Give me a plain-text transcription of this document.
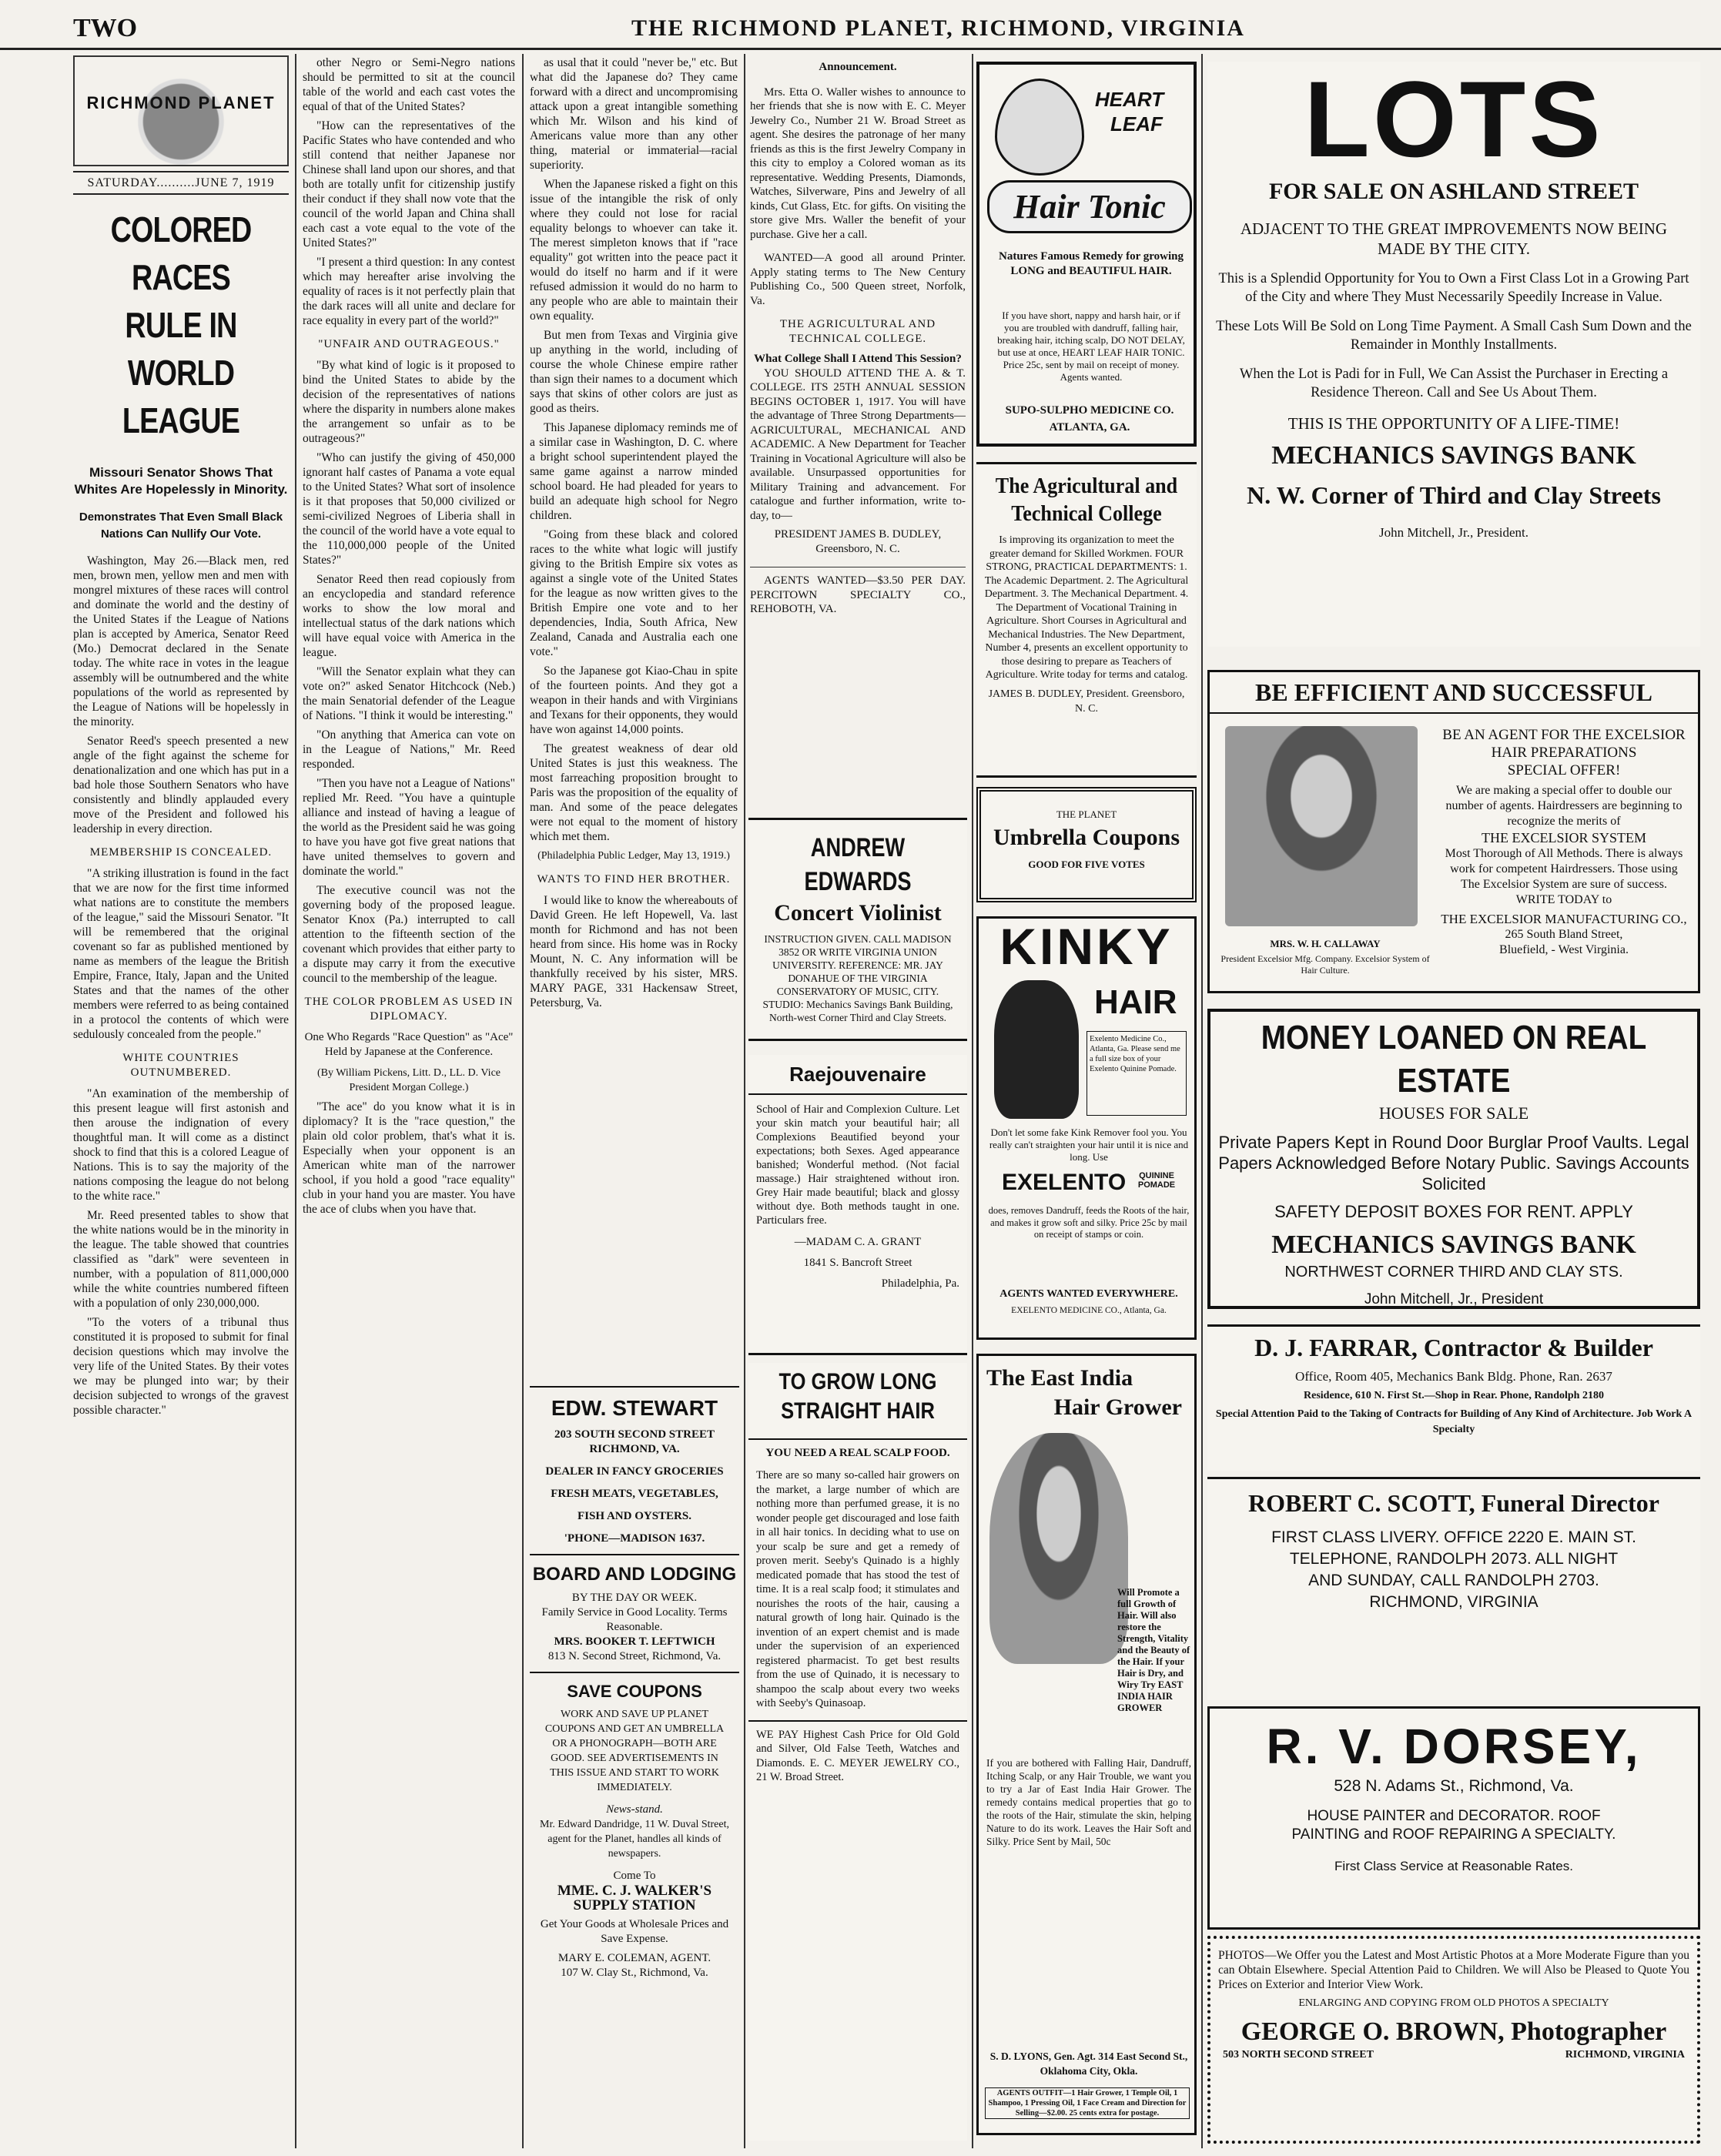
TWO	THE RICHMOND PLANET, RICHMOND, VIRGINIA
RICHMOND PLANET
SATURDAY..........JUNE 7, 1919
COLORED RACES RULE IN WORLD LEAGUE
Missouri Senator Shows That Whites Are Hopelessly in Minority.
Demonstrates That Even Small Black Nations Can Nullify Our Vote.

Washington, May 26.—Black men, red men, brown men, yellow men and men with mongrel mixtures of these races will control and dominate the world and the destiny of the United States if the League of Nations plan is accepted by America, Senator Reed (Mo.) Democrat declared in the Senate today. The white race in votes in the league assembly will be outnumbered and the white populations of the world as represented by the League of Nations will be hopelessly in the minority.

Senator Reed's speech presented a new angle of the fight against the scheme for denationalization and one which has put in a bad hole those Southern Senators who have consistently and blindly applauded every move of the President and followed his leadership in every direction.

MEMBERSHIP IS CONCEALED.

"A striking illustration is found in the fact that we are now for the first time informed what nations are to constitute the members of the league," said the Missouri Senator. "It will be remembered that the original covenant so far as published mentioned by name as members of the league the British Empire, France, Italy, Japan and the United States and that the names of the other members were referred to as being contained in a protocol the contents of which were sedulously concealed from the people."

WHITE COUNTRIES OUTNUMBERED.

"An examination of the membership of this present league will first astonish and then arouse the indignation of every thoughtful man. It will come as a distinct shock to find that this is a colored League of Nations. This is to say the majority of the nations composing the league do not belong to the white race."

Mr. Reed presented tables to show that the white nations would be in the minority in the league. The table showed that countries classified as "dark" were seventeen in number, with a population of 811,000,000 while the white countries numbered fifteen with a population of only 230,000,000.

"To the voters of a tribunal thus constituted it is proposed to submit for final decision questions which may involve the very life of the United States. By their votes we may be plunged into war; by their decision subjected to wrongs of the gravest possible character."

other Negro or Semi-Negro nations should be permitted to sit at the council table of the world and each cast votes the equal of that of the United States?

"How can the representatives of the Pacific States who have contended and who still contend that neither Japanese nor Chinese shall land upon our shores, and that both are totally unfit for citizenship justify their conduct if they shall now vote that the council of the world Japan and China shall each cast a vote equal to the vote of the United States?"

"I present a third question: In any contest which may hereafter arise involving the equality of races is it not perfectly plain that the dark races will all unite and declare for race equality in every part of the world?"

"UNFAIR AND OUTRAGEOUS."

"By what kind of logic is it proposed to bind the United States to abide by the decision of the representatives of nations where the disparity in numbers alone makes the arrangement so unfair as to be outrageous?"

"Who can justify the giving of 450,000 ignorant half castes of Panama a vote equal to the United States? What sort of insolence is it that proposes that 50,000 civilized or semi-civilized Negroes of Liberia shall in the council of the world have a vote equal to the 110,000,000 people of the United States?"

Senator Reed then read copiously from an encyclopedia and standard reference works to show the low moral and intellectual status of the dark nations which will have equal voice with America in the league.

"Will the Senator explain what they can vote on?" asked Senator Hitchcock (Neb.) the main Senatorial defender of the League of Nations. "I think it would be interesting."

"On anything that America can vote on in the League of Nations," Mr. Reed responded.

"Then you have not a League of Nations" replied Mr. Reed. "You have a quintuple alliance and instead of having a league of the world as the President said he was going to have you have got five great nations that have united themselves to govern and dominate the world."

The executive council was not the governing body of the proposed league. Senator Knox (Pa.) interrupted to call attention to the fifteenth section of the covenant which provides that either party to a dispute may carry it from the executive council to the membership of the league.

THE COLOR PROBLEM AS USED IN DIPLOMACY.
One Who Regards "Race Question" as "Ace" Held by Japanese at the Conference.
(By William Pickens, Litt. D., LL. D. Vice President Morgan College.)

"The ace" do you know what it is in diplomacy? It is the "race question," the plain old color problem, that's what it is. Especially when your opponent is an American white man of the narrower school, if you hold a good "race equality" club in your hand you are master. You have the ace of clubs when you have that.

as usal that it could "never be," etc. But what did the Japanese do? They came forward with a direct and uncompromising attack upon a great intangible something which Mr. Wilson and his kind of Americans value more than any other thing, material or immaterial—racial superiority.

When the Japanese risked a fight on this issue of the intangible the risk of only where they could not lose for racial equality belongs to whoever can take it. The merest simpleton knows that if "race equality" got written into the peace pact it would do itself no harm and if it were refused admission it would do no harm to any people who are able to maintain their own equality.

But men from Texas and Virginia give up anything in the world, including of course the whole Chinese empire rather than sign their names to a document which says that skins of other colors are just as good as theirs.

This Japanese diplomacy reminds me of a similar case in Washington, D. C. where a bright school superintendent played the same game against a narrow minded school board. He had pleaded for years to build an adequate high school for Negro children.

"Going from these black and colored races to the white what logic will justify giving to the British Empire six votes as against a single vote of the United States for the league as now written gives to the British Empire one vote and to her dependencies, India, South Africa, New Zealand, Canada and Australia each one vote."

So the Japanese got Kiao-Chau in spite of the fourteen points. And they got a weapon in their hands and with Virginians and Texans for their opponents, they would have won against 14,000 points.

The greatest weakness of dear old United States is just this weakness. The most farreaching proposition brought to Paris was the proposition of the equality of man. And some of the peace delegates were not equal to the moment of history which met them.

(Philadelphia Public Ledger, May 13, 1919.)
WANTS TO FIND HER BROTHER.

I would like to know the whereabouts of David Green. He left Hopewell, Va. last month for Richmond and has not been heard from since. His home was in Rocky Mount, N. C. Any information will be thankfully received by his sister, MRS. MARY PAGE, 331 Hackensaw Street, Petersburg, Va.

EDW. STEWART
203 SOUTH SECOND STREET
RICHMOND, VA.
DEALER IN FANCY GROCERIES
FRESH MEATS, VEGETABLES,
FISH AND OYSTERS.
'PHONE—MADISON 1637.
BOARD AND LODGING
BY THE DAY OR WEEK.
Family Service in Good Locality. Terms Reasonable.
MRS. BOOKER T. LEFTWICH
813 N. Second Street, Richmond, Va.
SAVE COUPONS
WORK AND SAVE UP PLANET COUPONS AND GET AN UMBRELLA OR A PHONOGRAPH—BOTH ARE GOOD. SEE ADVERTISEMENTS IN THIS ISSUE AND START TO WORK IMMEDIATELY.
News-stand.
Mr. Edward Dandridge, 11 W. Duval Street, agent for the Planet, handles all kinds of newspapers.
Come To
MME. C. J. WALKER'S SUPPLY STATION
Get Your Goods at Wholesale Prices and Save Expense.
MARY E. COLEMAN, AGENT.
107 W. Clay St., Richmond, Va.
Announcement.

Mrs. Etta O. Waller wishes to announce to her friends that she is now with E. C. Meyer Jewelry Co., Number 21 W. Broad Street as agent. She desires the patronage of her many friends as this is the first Jewelry Company in this city to employ a Colored woman as its representative. Wedding Presents, Diamonds, Watches, Silverware, Pins and Jewelry of all kinds, Cut Glass, Etc. for gifts. On visiting the store give Mrs. Waller the benefit of your purchase. Give her a call.

WANTED—A good all around Printer. Apply stating terms to The New Century Publishing Co., 500 Queen street, Norfolk, Va.

THE AGRICULTURAL AND TECHNICAL COLLEGE.
What College Shall I Attend This Session?

YOU SHOULD ATTEND THE A. & T. COLLEGE. ITS 25TH ANNUAL SESSION BEGINS OCTOBER 1, 1917. You will have the advantage of Three Strong Departments—AGRICULTURAL, MECHANICAL AND ACADEMIC. A New Department for Teacher Training in Vocational Agriculture will also be available. Unsurpassed opportunities for Military Training and advancement. For catalogue and further information, write to-day, to—

PRESIDENT JAMES B. DUDLEY, Greensboro, N. C.

AGENTS WANTED—$3.50 PER DAY. PERCITOWN SPECIALTY CO., REHOBOTH, VA.

ANDREW EDWARDS
Concert Violinist
INSTRUCTION GIVEN. CALL MADISON 3852 OR WRITE VIRGINIA UNION UNIVERSITY. REFERENCE: MR. JAY DONAHUE OF THE VIRGINIA CONSERVATORY OF MUSIC, CITY. STUDIO: Mechanics Savings Bank Building, North-west Corner Third and Clay Streets.
Raejouvenaire
School of Hair and Complexion Culture. Let your skin match your beautiful hair; all Complexions Beautified beyond your expectations; both Sexes. Aged appearance banished; Wonderful method. (Not facial massage.) Hair straightened without iron. Grey Hair made beautiful; black and glossy without dye. Both methods taught in one. Particulars free.
—MADAM C. A. GRANT
1841 S. Bancroft Street
Philadelphia, Pa.
TO GROW LONG
STRAIGHT HAIR
YOU NEED A REAL SCALP FOOD.
There are so many so-called hair growers on the market, a large number of which are nothing more than perfumed grease, it is no wonder people get discouraged and lose faith in all hair tonics. In deciding what to use on your scalp be sure and get a remedy of proven merit. Seeby's Quinado is a highly medicated pomade that has stood the test of time. It is a real scalp food; it stimulates and nourishes the roots of the hair, causing a natural growth of long hair. Quinado is the invention of an expert chemist and is made under the supervision of an experienced registered pharmacist. To get best results from the use of Quinado, it is necessary to shampoo the scalp about every two weeks with Seeby's Quinasoap.
WE PAY Highest Cash Price for Old Gold and Silver, Old False Teeth, Watches and Diamonds. E. C. MEYER JEWELRY CO., 21 W. Broad Street.
HEART
LEAF
Hair Tonic
Natures Famous Remedy for growing LONG and BEAUTIFUL HAIR.
If you have short, nappy and harsh hair, or if you are troubled with dandruff, falling hair, breaking hair, itching scalp, DO NOT DELAY, but use at once, HEART LEAF HAIR TONIC. Price 25c, sent by mail on receipt of money. Agents wanted.
SUPO-SULPHO MEDICINE CO.
ATLANTA, GA.
The Agricultural and Technical College
Is improving its organization to meet the greater demand for Skilled Workmen. FOUR STRONG, PRACTICAL DEPARTMENTS: 1. The Academic Department. 2. The Agricultural Department. 3. The Mechanical Department. 4. The Department of Vocational Training in Agriculture. Short Courses in Agricultural and Mechanical Industries. The New Department, Number 4, presents an excellent opportunity to those desiring to prepare as Teachers of Agriculture. Write today for terms and catalog.
JAMES B. DUDLEY, President. Greensboro, N. C.
THE PLANET
Umbrella Coupons
GOOD FOR FIVE VOTES
KINKY
HAIR
Exelento Medicine Co., Atlanta, Ga. Please send me a full size box of your Exelento Quinine Pomade.
Don't let some fake Kink Remover fool you. You really can't straighten your hair until it is nice and long. Use
EXELENTO	QUININE POMADE
does, removes Dandruff, feeds the Roots of the hair, and makes it grow soft and silky. Price 25c by mail on receipt of stamps or coin.
AGENTS WANTED EVERYWHERE.
EXELENTO MEDICINE CO., Atlanta, Ga.
The East India
Hair Grower
Will Promote a full Growth of Hair. Will also restore the Strength, Vitality and the Beauty of the Hair. If your Hair is Dry, and Wiry Try EAST INDIA HAIR GROWER
If you are bothered with Falling Hair, Dandruff, Itching Scalp, or any Hair Trouble, we want you to try a Jar of East India Hair Grower. The remedy contains medical properties that go to the roots of the Hair, stimulate the skin, helping Nature to do its work. Leaves the Hair Soft and Silky. Price Sent by Mail, 50c
S. D. LYONS, Gen. Agt. 314 East Second St., Oklahoma City, Okla.
AGENTS OUTFIT—1 Hair Grower, 1 Temple Oil, 1 Shampoo, 1 Pressing Oil, 1 Face Cream and Direction for Selling—$2.00. 25 cents extra for postage.
LOTS
FOR SALE ON ASHLAND STREET
ADJACENT TO THE GREAT IMPROVEMENTS NOW BEING MADE BY THE CITY.
This is a Splendid Opportunity for You to Own a First Class Lot in a Growing Part of the City and where They Must Necessarily Speedily Increase in Value.
These Lots Will Be Sold on Long Time Payment. A Small Cash Sum Down and the Remainder in Monthly Installments.
When the Lot is Padi for in Full, We Can Assist the Purchaser in Erecting a Residence Thereon. Call and See Us About Them.
THIS IS THE OPPORTUNITY OF A LIFE-TIME!
MECHANICS SAVINGS BANK
N. W. Corner of Third and Clay Streets
John Mitchell, Jr., President.
BE EFFICIENT AND SUCCESSFUL
BE AN AGENT FOR THE EXCELSIOR HAIR PREPARATIONS
SPECIAL OFFER!
We are making a special offer to double our number of agents. Hairdressers are beginning to recognize the merits of
THE EXCELSIOR SYSTEM
Most Thorough of All Methods. There is always work for competent Hairdressers. Those using The Excelsior System are sure of success. WRITE TODAY to
THE EXCELSIOR MANUFACTURING CO.,
265 South Bland Street,
Bluefield, - West Virginia.
MRS. W. H. CALLAWAY
President Excelsior Mfg. Company. Excelsior System of Hair Culture.
MONEY LOANED ON REAL ESTATE
HOUSES FOR SALE
Private Papers Kept in Round Door Burglar Proof Vaults. Legal Papers Acknowledged Before Notary Public. Savings Accounts Solicited
SAFETY DEPOSIT BOXES FOR RENT. APPLY
MECHANICS SAVINGS BANK
NORTHWEST CORNER THIRD AND CLAY STS.
John Mitchell, Jr., President
D. J. FARRAR, Contractor & Builder
Office, Room 405, Mechanics Bank Bldg. Phone, Ran. 2637
Residence, 610 N. First St.—Shop in Rear. Phone, Randolph 2180
Special Attention Paid to the Taking of Contracts for Building of Any Kind of Architecture. Job Work A Specialty
ROBERT C. SCOTT, Funeral Director
FIRST CLASS LIVERY. OFFICE 2220 E. MAIN ST.
TELEPHONE, RANDOLPH 2073. ALL NIGHT
AND SUNDAY, CALL RANDOLPH 2703.
RICHMOND, VIRGINIA
R. V. DORSEY,
528 N. Adams St., Richmond, Va.
HOUSE PAINTER and DECORATOR. ROOF PAINTING and ROOF REPAIRING A SPECIALTY.
First Class Service at Reasonable Rates.
PHOTOS—We Offer you the Latest and Most Artistic Photos at a More Moderate Figure than you can Obtain Elsewhere. Special Attention Paid to Children. We will Also be Pleased to Quote You Prices on Exterior and Interior View Work.
ENLARGING AND COPYING FROM OLD PHOTOS A SPECIALTY
GEORGE O. BROWN, Photographer
503 NORTH SECOND STREET	RICHMOND, VIRGINIA
